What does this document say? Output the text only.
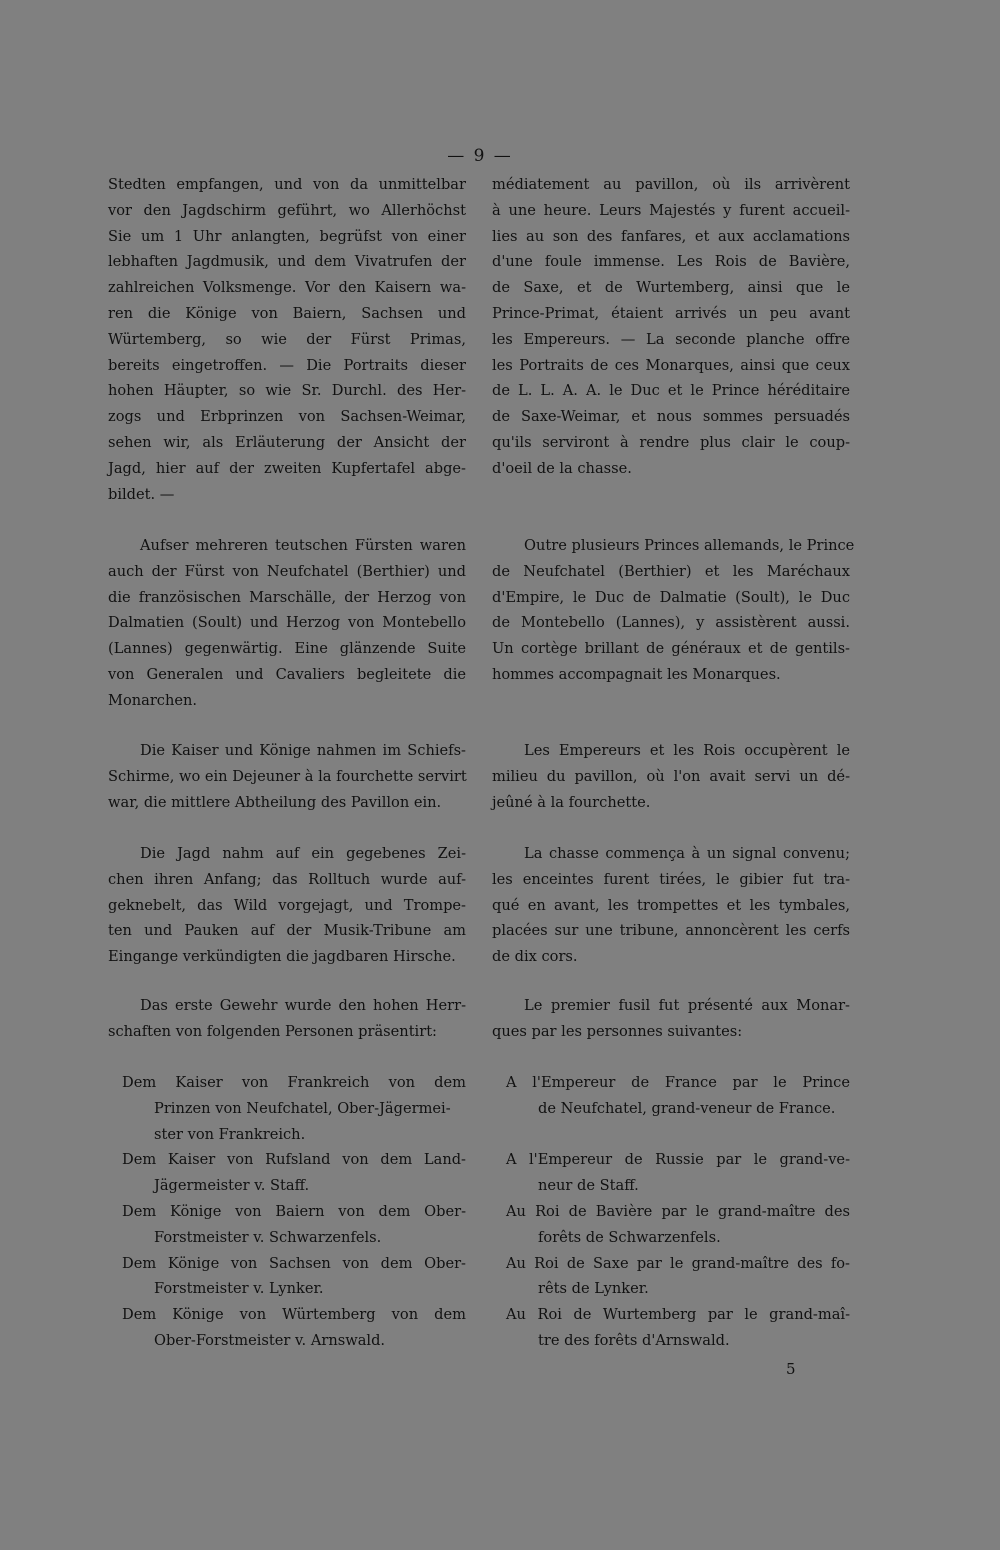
— 9 —

Stedten empfangen, und von da unmittelbar

vor den Jagdschirm geführt, wo Allerhöchst

Sie um 1 Uhr anlangten, begrüfst von einer

lebhaften Jagdmusik, und dem Vivatrufen der

zahlreichen Volksmenge. Vor den Kaisern wa-

ren die Könige von Baiern, Sachsen und

Würtemberg, so wie der Fürst Primas,

bereits eingetroffen. — Die Portraits dieser

hohen Häupter, so wie Sr. Durchl. des Her-

zogs und Erbprinzen von Sachsen-Weimar,

sehen wir, als Erläuterung der Ansicht der

Jagd, hier auf der zweiten Kupfertafel abge-

bildet. —

Aufser mehreren teutschen Fürsten waren

auch der Fürst von Neufchatel (Berthier) und

die französischen Marschälle, der Herzog von

Dalmatien (Soult) und Herzog von Montebello

(Lannes) gegenwärtig. Eine glänzende Suite

von Generalen und Cavaliers begleitete die

Monarchen.

Die Kaiser und Könige nahmen im Schiefs-

Schirme, wo ein Dejeuner à la fourchette servirt

war, die mittlere Abtheilung des Pavillon ein.

Die Jagd nahm auf ein gegebenes Zei-

chen ihren Anfang; das Rolltuch wurde auf-

geknebelt, das Wild vorgejagt, und Trompe-

ten und Pauken auf der Musik-Tribune am

Eingange verkündigten die jagdbaren Hirsche.

Das erste Gewehr wurde den hohen Herr-

schaften von folgenden Personen präsentirt:

Dem Kaiser von Frankreich von dem

Prinzen von Neufchatel, Ober-Jägermei-

ster von Frankreich.

Dem Kaiser von Rufsland von dem Land-

Jägermeister v. Staff.

Dem Könige von Baiern von dem Ober-

Forstmeister v. Schwarzenfels.

Dem Könige von Sachsen von dem Ober-

Forstmeister v. Lynker.

Dem Könige von Würtemberg von dem

Ober-Forstmeister v. Arnswald.

médiatement au pavillon, où ils arrivèrent

à une heure. Leurs Majestés y furent accueil-

lies au son des fanfares, et aux acclamations

d'une foule immense. Les Rois de Bavière,

de Saxe, et de Wurtemberg, ainsi que le

Prince-Primat, étaient arrivés un peu avant

les Empereurs. — La seconde planche offre

les Portraits de ces Monarques, ainsi que ceux

de L. L. A. A. le Duc et le Prince héréditaire

de Saxe-Weimar, et nous sommes persuadés

qu'ils serviront à rendre plus clair le coup-

d'oeil de la chasse.

Outre plusieurs Princes allemands, le Prince

de Neufchatel (Berthier) et les Maréchaux

d'Empire, le Duc de Dalmatie (Soult), le Duc

de Montebello (Lannes), y assistèrent aussi.

Un cortège brillant de généraux et de gentils-

hommes accompagnait les Monarques.

Les Empereurs et les Rois occupèrent le

milieu du pavillon, où l'on avait servi un dé-

jeûné à la fourchette.

La chasse commença à un signal convenu;

les enceintes furent tirées, le gibier fut tra-

qué en avant, les trompettes et les tymbales,

placées sur une tribune, annoncèrent les cerfs

de dix cors.

Le premier fusil fut présenté aux Monar-

ques par les personnes suivantes:

A l'Empereur de France par le Prince

de Neufchatel, grand-veneur de France.

A l'Empereur de Russie par le grand-ve-

neur de Staff.

Au Roi de Bavière par le grand-maître des

forêts de Schwarzenfels.

Au Roi de Saxe par le grand-maître des fo-

rêts de Lynker.

Au Roi de Wurtemberg par le grand-maî-

tre des forêts d'Arnswald.

5
